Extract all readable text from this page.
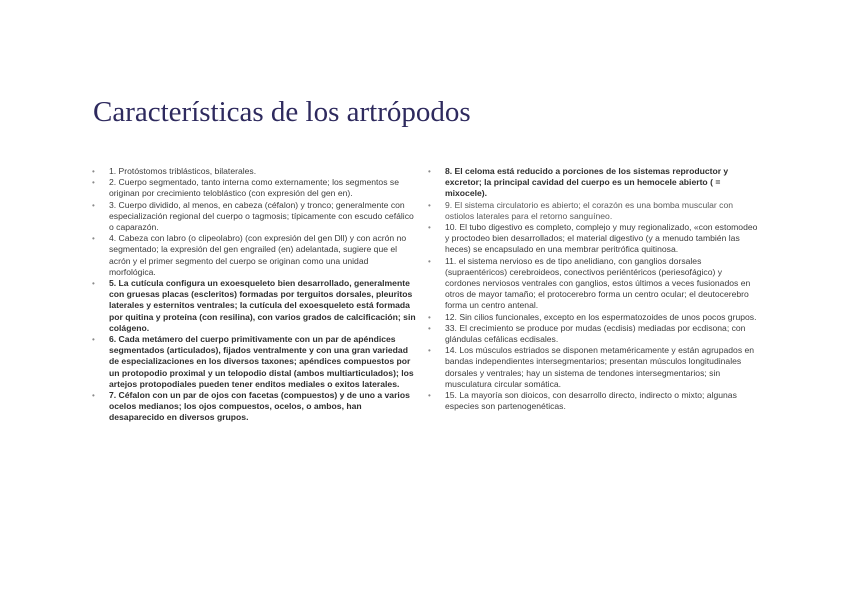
Características de los artrópodos
• 1. Protóstomos triblásticos, bilaterales.
• 2. Cuerpo segmentado, tanto interna como externamente; los segmentos se originan por crecimiento teloblástico (con expresión del gen en).
• 3. Cuerpo dividido, al menos, en cabeza (céfalon) y tronco; generalmente con especialización regional del cuerpo o tagmosis; típicamente con escudo cefálico o caparazón.
• 4. Cabeza con labro (o clipeolabro) (con expresión del gen Dll) y con acrón no segmentado; la expresión del gen engrailed (en) adelantada, sugiere que el acrón y el primer segmento del cuerpo se originan como una unidad morfológica.
• 5. La cutícula configura un exoesqueleto bien desarrollado, generalmente con gruesas placas (escleritos) formadas por terguitos dorsales, pleuritos laterales y esternitos ventrales; la cutícula del exoesqueleto está formada por quitina y proteína (con resilina), con varios grados de calcificación; sin colágeno.
• 6. Cada metámero del cuerpo primitivamente con un par de apéndices segmentados (articulados), fijados ventralmente y con una gran variedad de especializaciones en los diversos taxones; apéndices compuestos por un protopodio proximal y un telopodio distal (ambos multiarticulados); los artejos protopodiales pueden tener enditos mediales o exitos laterales.
• 7. Céfalon con un par de ojos con facetas (compuestos) y de uno a varios ocelos medianos; los ojos compuestos, ocelos, o ambos, han desaparecido en diversos grupos.
• 8. El celoma está reducido a porciones de los sistemas reproductor y excretor; la principal cavidad del cuerpo es un hemocele abierto ( = mixocele).
• 9. El sistema circulatorio es abierto; el corazón es una bomba muscular con ostiolos laterales para el retorno sanguíneo.
• 10. El tubo digestivo es completo, complejo y muy regionalizado, «con estomodeo y proctodeo bien desarrollados; el material digestivo (y a menudo también las heces) se encapsulado en una membrar peritrófica quitinosa.
• 11. el sistema nervioso es de tipo anelidiano, con ganglios dorsales (supraentéricos) cerebroideos, conectivos periéntéricos (periesofágico) y cordones nerviosos ventrales con ganglios, estos últimos a veces fusionados en otros de mayor tamaño; el protocerebro forma un centro ocular; el deutocerebro forma un centro antenal.
• 12. Sin cilios funcionales, excepto en los espermatozoides de unos pocos grupos.
• 33. El crecimiento se produce por mudas (ecdisis) mediadas por ecdisona; con glándulas cefálicas ecdisales.
• 14. Los músculos estriados se disponen metaméricamente y están agrupados en bandas independientes intersegmentarios; presentan músculos longitudinales dorsales y ventrales; hay un sistema de tendones intersegmentarios; sin musculatura circular somática.
• 15. La mayoría son dioicos, con desarrollo directo, indirecto o mixto; algunas especies son partenogenéticas.
